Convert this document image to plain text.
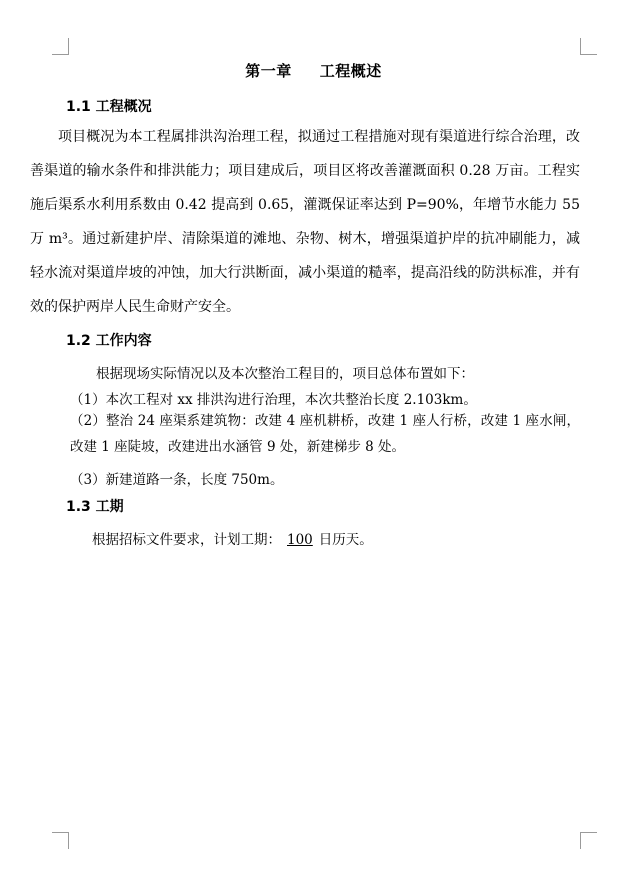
第一章 工程概述
1.1 工程概况
项目概况为本工程属排洪沟治理工程，拟通过工程措施对现有渠道进行综合治理，改善渠道的输水条件和排洪能力；项目建成后，项目区将改善灌溉面积 0.28 万亩。工程实施后渠系水利用系数由 0.42 提高到 0.65，灌溉保证率达到 P=90%，年增节水能力 55 万 m³。通过新建护岸、清除渠道的滩地、杂物、树木，增强渠道护岸的抗冲刷能力，减轻水流对渠道岸坡的冲蚀，加大行洪断面，减小渠道的糙率，提高沿线的防洪标准，并有效的保护两岸人民生命财产安全。
1.2 工作内容
根据现场实际情况以及本次整治工程目的，项目总体布置如下：
（1）本次工程对 xx 排洪沟进行治理，本次共整治长度 2.103km。
（2）整治 24 座渠系建筑物：改建 4 座机耕桥，改建 1 座人行桥，改建 1 座水闸，改建 1 座陡坡，改建进出水涵管 9 处，新建梯步 8 处。
（3）新建道路一条，长度 750m。
1.3 工期
根据招标文件要求，计划工期： 100 日历天。
